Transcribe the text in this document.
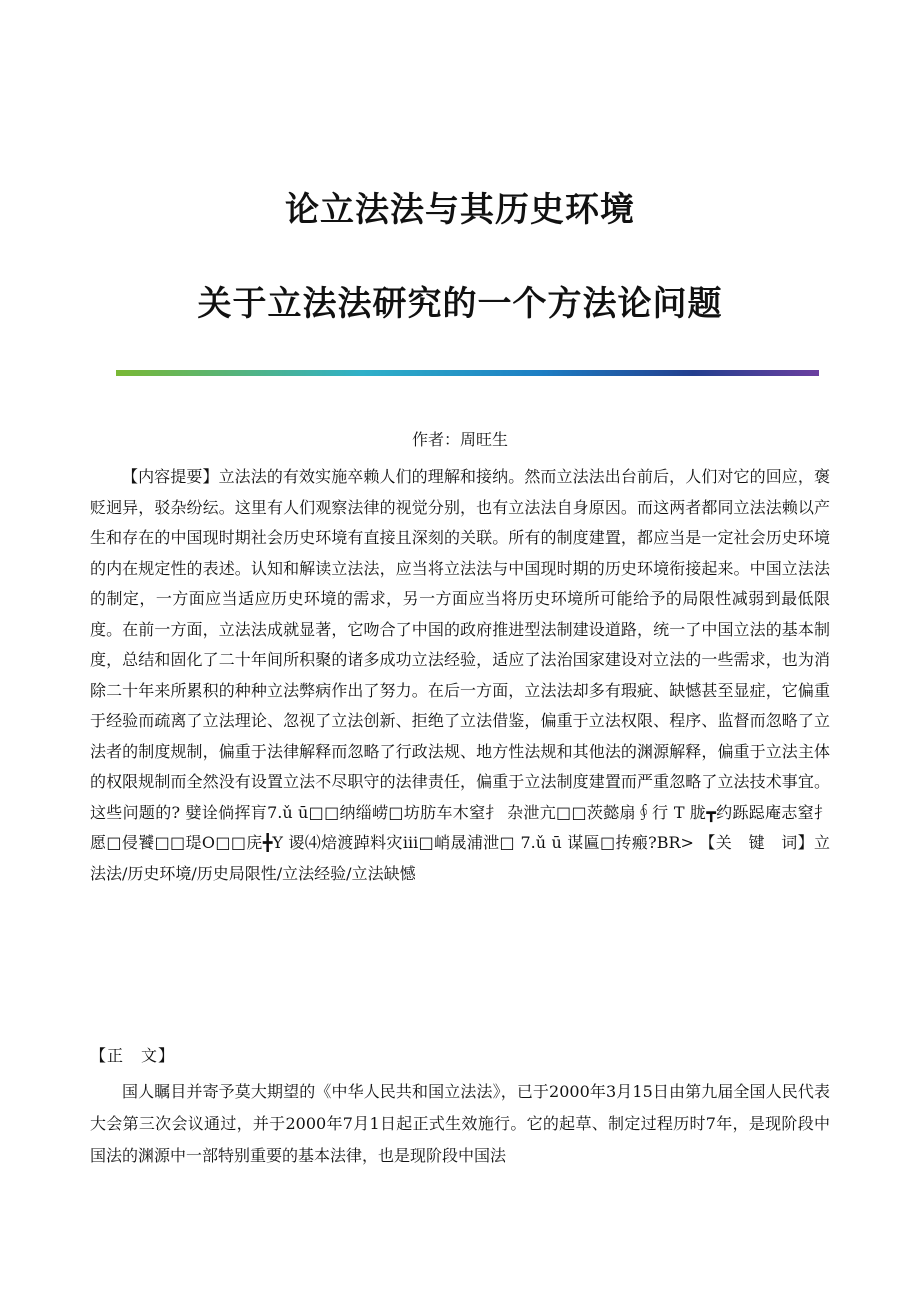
论立法法与其历史环境
关于立法法研究的一个方法论问题
作者：周旺生

【内容提要】立法法的有效实施卒赖人们的理解和接纳。然而立法法出台前后，人们对它的回应，褒贬迥异，驳杂纷纭。这里有人们观察法律的视觉分别，也有立法法自身原因。而这两者都同立法法赖以产生和存在的中国现时期社会历史环境有直接且深刻的关联。所有的制度建置，都应当是一定社会历史环境的内在规定性的表述。认知和解读立法法，应当将立法法与中国现时期的历史环境衔接起来。中国立法法的制定，一方面应当适应历史环境的需求，另一方面应当将历史环境所可能给予的局限性减弱到最低限度。在前一方面，立法法成就显著，它吻合了中国的政府推进型法制建设道路，统一了中国立法的基本制度，总结和固化了二十年间所积聚的诸多成功立法经验，适应了法治国家建设对立法的一些需求，也为消除二十年来所累积的种种立法弊病作出了努力。在后一方面，立法法却多有瑕疵、缺憾甚至显症，它偏重于经验而疏离了立法理论、忽视了立法创新、拒绝了立法借鉴，偏重于立法权限、程序、监督而忽略了立法者的制度规制，偏重于法律解释而忽略了行政法规、地方性法规和其他法的渊源解释，偏重于立法主体的权限规制而全然没有设置立法不尽职守的法律责任，偏重于立法制度建置而严重忽略了立法技术事宜。这些问题的? 嬖诠倘挥肓7.ǔ ū□□纳缁崂□坊肪车木窒扌 杂泄亢□□茨懿扇∮行 T 胧┳约跞跽庵志窒扌 愿□侵饕□□瑅O□□庑╋Y 谡⑷焙渡踔料灾ⅲ□峭晟浦泄□ 7.ǔ ū 谋匾□抟瘢?BR> 【关　键　词】立法法/历史环境/历史局限性/立法经验/立法缺憾

【正　文】

国人瞩目并寄予莫大期望的《中华人民共和国立法法》，已于2000年3月15日由第九届全国人民代表大会第三次会议通过，并于2000年7月1日起正式生效施行。它的起草、制定过程历时7年，是现阶段中国法的渊源中一部特别重要的基本法律，也是现阶段中国法
